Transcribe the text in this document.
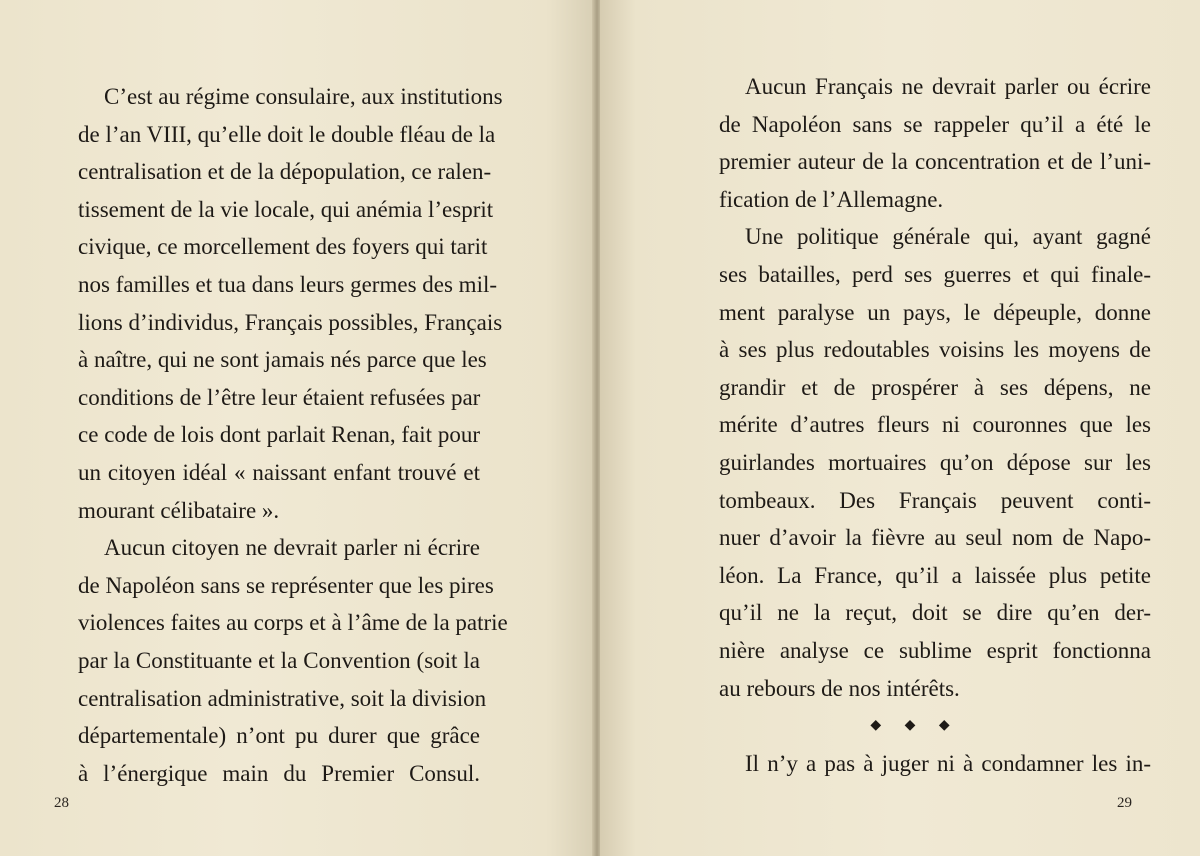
C’est au régime consulaire, aux institutions
de l’an VIII, qu’elle doit le double fléau de la
centralisation et de la dépopulation, ce ralen-
tissement de la vie locale, qui anémia l’esprit
civique, ce morcellement des foyers qui tarit
nos familles et tua dans leurs germes des mil-
lions d’individus, Français possibles, Français
à naître, qui ne sont jamais nés parce que les
conditions de l’être leur étaient refusées par
ce code de lois dont parlait Renan, fait pour
un citoyen idéal « naissant enfant trouvé et
mourant célibataire ».
Aucun citoyen ne devrait parler ni écrire
de Napoléon sans se représenter que les pires
violences faites au corps et à l’âme de la patrie
par la Constituante et la Convention (soit la
centralisation administrative, soit la division
départementale) n’ont pu durer que grâce
à l’énergique main du Premier Consul.
28
Aucun Français ne devrait parler ou écrire
de Napoléon sans se rappeler qu’il a été le
premier auteur de la concentration et de l’uni-
fication de l’Allemagne.
Une politique générale qui, ayant gagné
ses batailles, perd ses guerres et qui finale-
ment paralyse un pays, le dépeuple, donne
à ses plus redoutables voisins les moyens de
grandir et de prospérer à ses dépens, ne
mérite d’autres fleurs ni couronnes que les
guirlandes mortuaires qu’on dépose sur les
tombeaux. Des Français peuvent conti-
nuer d’avoir la fièvre au seul nom de Napo-
léon. La France, qu’il a laissée plus petite
qu’il ne la reçut, doit se dire qu’en der-
nière analyse ce sublime esprit fonctionna
au rebours de nos intérêts.
◆ ◆ ◆
Il n’y a pas à juger ni à condamner les in-
29
